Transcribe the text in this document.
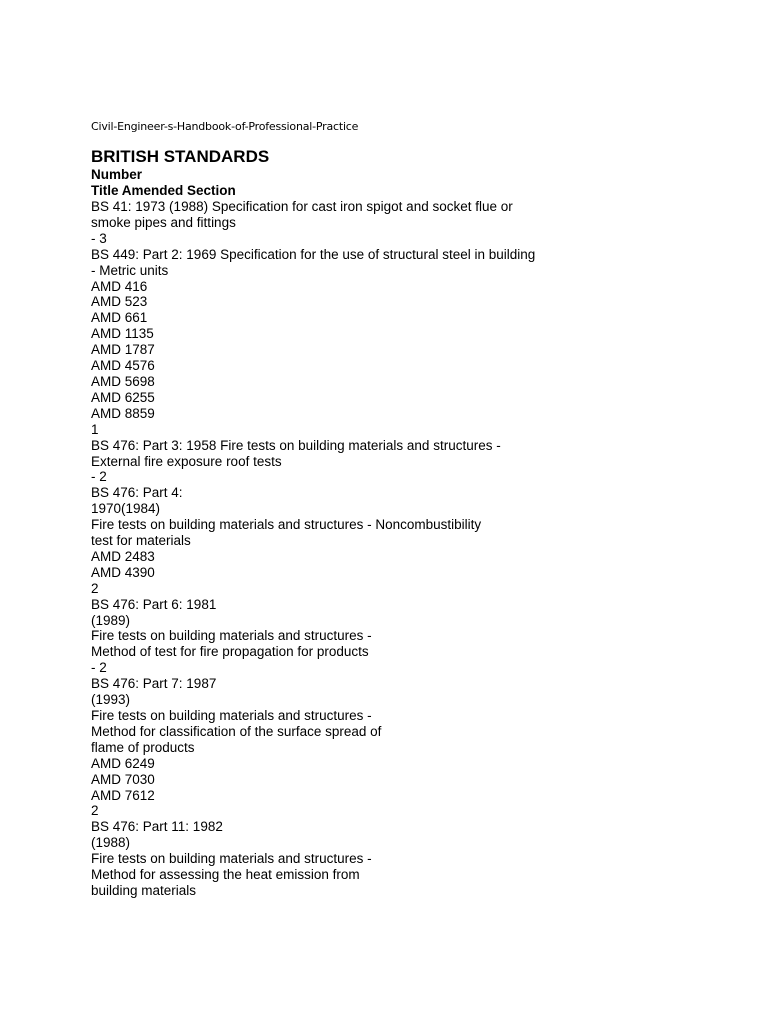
Civil-Engineer-s-Handbook-of-Professional-Practice
BRITISH STANDARDS
Number
Title Amended Section
BS 41: 1973 (1988) Specification for cast iron spigot and socket flue or
smoke pipes and fittings
- 3
BS 449: Part 2: 1969 Specification for the use of structural steel in building
- Metric units
AMD 416
AMD 523
AMD 661
AMD 1135
AMD 1787
AMD 4576
AMD 5698
AMD 6255
AMD 8859
1
BS 476: Part 3: 1958 Fire tests on building materials and structures -
External fire exposure roof tests
- 2
BS 476: Part 4:
1970(1984)
Fire tests on building materials and structures - Noncombustibility
test for materials
AMD 2483
AMD 4390
2
BS 476: Part 6: 1981
(1989)
Fire tests on building materials and structures -
Method of test for fire propagation for products
- 2
BS 476: Part 7: 1987
(1993)
Fire tests on building materials and structures -
Method for classification of the surface spread of
flame of products
AMD 6249
AMD 7030
AMD 7612
2
BS 476: Part 11: 1982
(1988)
Fire tests on building materials and structures -
Method for assessing the heat emission from
building materials
